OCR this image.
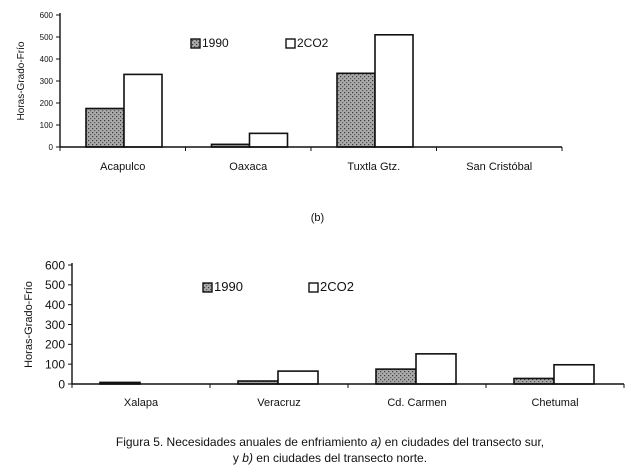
0
100
200
300
400
500
600
Horas-Grado-Frío
Acapulco	Oaxaca	Tuxtla Gtz.	San Cristóbal
1990	2CO2
(b)
0
100
200
300
400
500
600
Horas-Grado-Frío
Xalapa	Veracruz	Cd. Carmen	Chetumal
1990	2CO2
Figura 5. Necesidades anuales de enfriamiento a) en ciudades del transecto sur,
y b) en ciudades del transecto norte.
